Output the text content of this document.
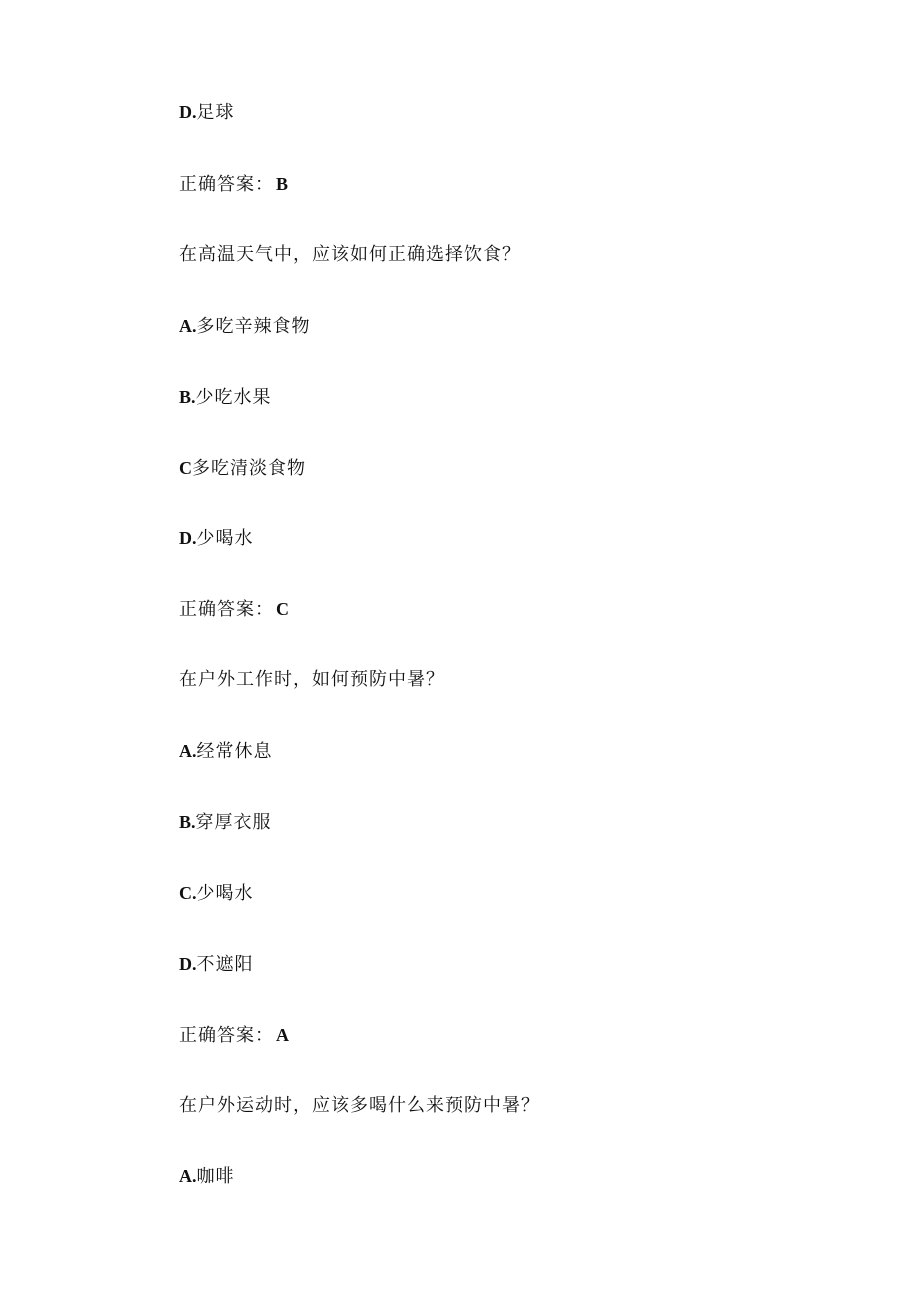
D.足球
正确答案： B
在高温天气中，应该如何正确选择饮食？
A.多吃辛辣食物
B.少吃水果
C多吃清淡食物
D.少喝水
正确答案： C
在户外工作时，如何预防中暑？
A.经常休息
B.穿厚衣服
C.少喝水
D.不遮阳
正确答案： A
在户外运动时，应该多喝什么来预防中暑？
A.咖啡
